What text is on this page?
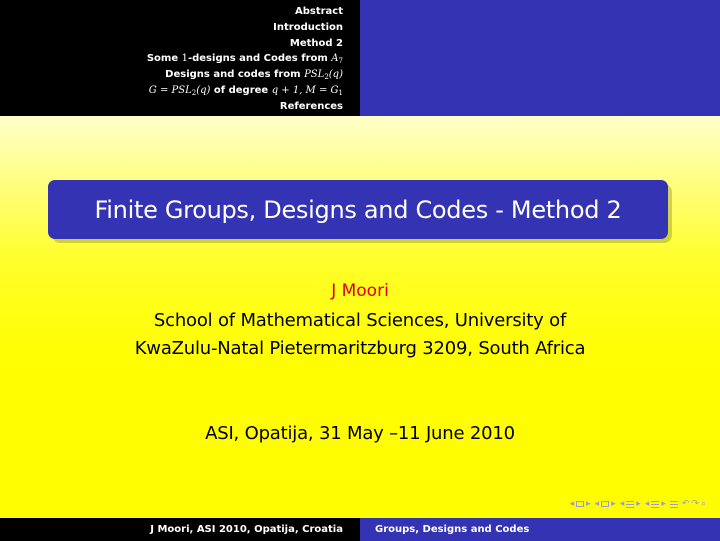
Abstract
Introduction
Method 2
Some 1-designs and Codes from $A_7$
Designs and codes from $PSL_2(q)$
$G = PSL_2(q)$ of degree q + 1, $M = G_1$
References
Finite Groups, Designs and Codes - Method 2
J Moori
School of Mathematical Sciences, University of
KwaZulu-Natal Pietermaritzburg 3209, South Africa
ASI, Opatija, 31 May –11 June 2010
◂ ▸ ◂ ▸ ◂ ▸ ◂ ▸ ↶ ↷ ⌕
J Moori, ASI 2010, Opatija, Croatia	Groups, Designs and Codes
